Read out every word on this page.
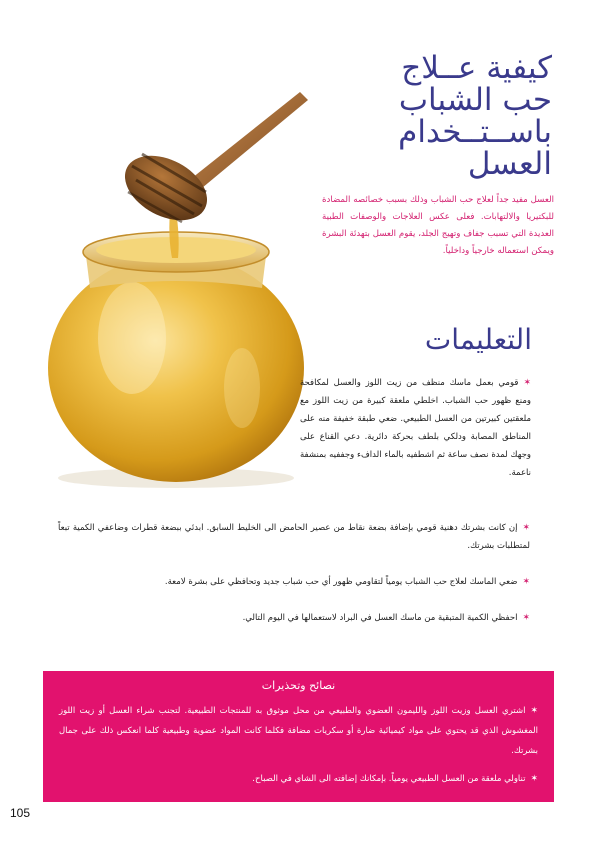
كيفية عــلاج
حب الشباب
باســتــخدام
العسل

العسل مفيد جداً لعلاج حب الشباب وذلك بسبب خصائصه المضادة للبكتيريا والالتهابات. فعلى عكس العلاجات والوصفات الطبية العديدة التي تسبب جفاف وتهيج الجلد، يقوم العسل بتهدئة البشرة ويمكن استعماله خارجياً وداخلياً.

التعليمات
✶قومي بعمل ماسك منظف من زيت اللوز والعسل لمكافحة ومنع ظهور حب الشباب. اخلطي ملعقة كبيرة من زيت اللوز مع ملعقتين كبيرتين من العسل الطبيعي. ضعي طبقة خفيفة منه على المناطق المصابة ودلكي بلطف بحركة دائرية. دعي القناع على وجهك لمدة نصف ساعة ثم اشطفيه بالماء الدافء وجففيه بمنشفة ناعمة.
✶إن كانت بشرتك دهنية قومي بإضافة بضعة نقاط من عصير الحامض الى الخليط السابق. ابدئي ببضعة قطرات وضاعفي الكمية تبعاً لمتطلبات بشرتك.
✶ضعي الماسك لعلاج حب الشباب يومياً لتقاومي ظهور أي حب شباب جديد وتحافظي على بشرة لامعة.
✶احفظي الكمية المتبقية من ماسك العسل في البراد لاستعمالها في اليوم التالي.
نصائح وتحذيرات
✶اشتري العسل وزيت اللوز والليمون العضوي والطبيعي من محل موثوق به للمنتجات الطبيعية. لتجنب شراء العسل أو زيت اللوز المغشوش الذي قد يحتوي على مواد كيميائية ضارة أو سكريات مضافة فكلما كانت المواد عضوية وطبيعية كلما انعكس ذلك على جمال بشرتك.
✶تناولي ملعقة من العسل الطبيعي يومياً. بإمكانك إضافته الى الشاي في الصباح.
105
